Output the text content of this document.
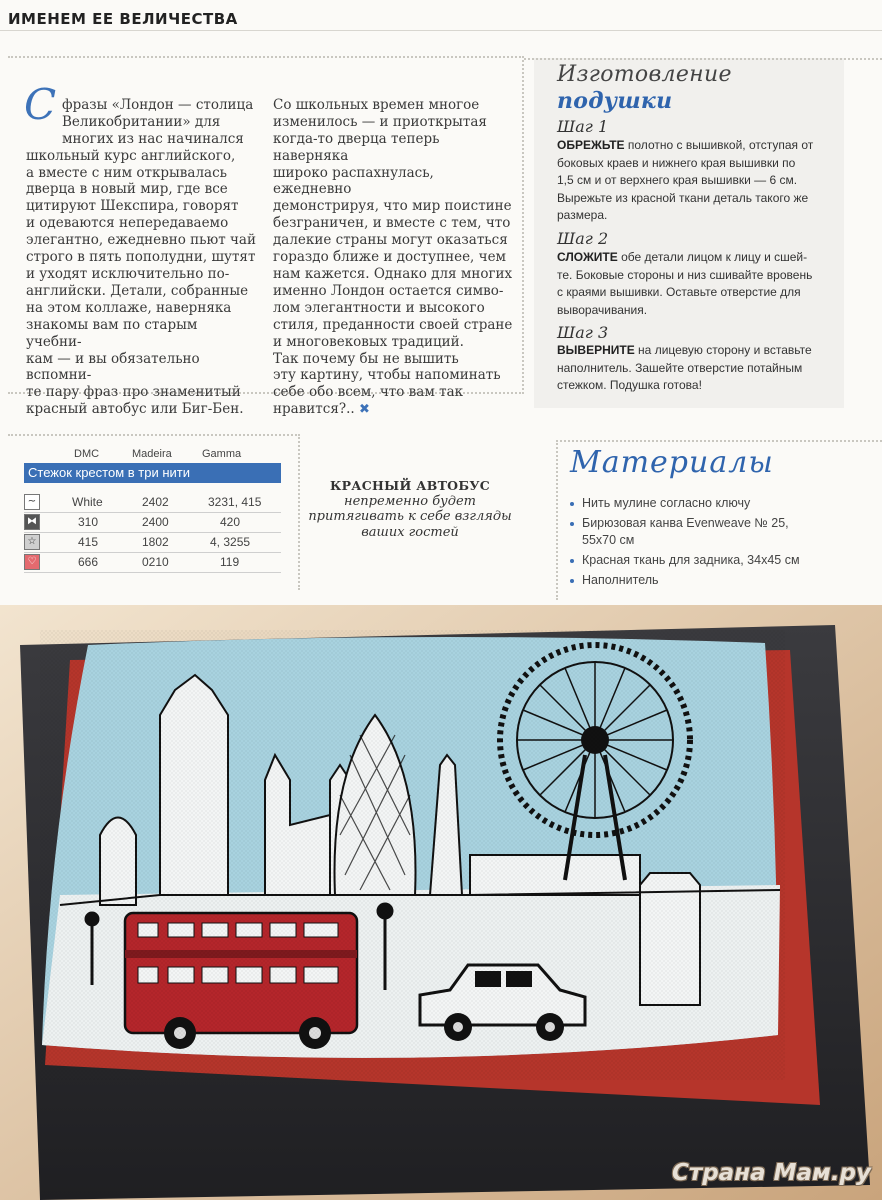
ИМЕНЕМ ЕЕ ВЕЛИЧЕСТВА
С фразы «Лондон — столица
Великобритании» для
многих из нас начинался
школьный курс английского,
а вместе с ним открывалась
дверца в новый мир, где все
цитируют Шекспира, говорят
и одеваются непередаваемо
элегантно, ежедневно пьют чай
строго в пять пополудни, шутят
и уходят исключительно по-
английски. Детали, собранные
на этом коллаже, наверняка
знакомы вам по старым учебни-
кам — и вы обязательно вспомни-
те пару фраз про знаменитый
красный автобус или Биг-Бен.

Со школьных времен многое
изменилось — и приоткрытая
когда-то дверца теперь наверняка
широко распахнулась, ежедневно
демонстрируя, что мир поистине
безграничен, и вместе с тем, что
далекие страны могут оказаться
гораздо ближе и доступнее, чем
нам кажется. Однако для многих
именно Лондон остается симво-
лом элегантности и высокого
стиля, преданности своей стране
и многовековых традиций.
Так почему бы не вышить
эту картину, чтобы напоминать
себе обо всем, что вам так
нравится?.. ✖

Изготовление
подушки
Шаг 1
ОБРЕЖЬТЕ полотно с вышивкой, отступая от боковых краев и нижнего края вышивки по 1,5 см и от верхнего края вышивки — 6 см. Вырежьте из красной ткани деталь такого же размера.
Шаг 2
СЛОЖИТЕ обе детали лицом к лицу и сшей-те. Боковые стороны и низ сшивайте вровень с краями вышивки. Оставьте отверстие для выворачивания.
Шаг 3
ВЫВЕРНИТЕ на лицевую сторону и вставьте наполнитель. Зашейте отверстие потайным стежком. Подушка готова!
DMC	Madeira	Gamma
Стежок крестом в три нити
~	White	2402	3231, 415
⧓	310	2400	420
☆	415	1802	4, 3255
♡	666	0210	119
КРАСНЫЙ АВТОБУС
непременно будет
притягивать к себе взгляды
ваших гостей
Материалы
Нить мулине согласно ключу
Бирюзовая канва Evenweave № 25, 55х70 см
Красная ткань для задника, 34х45 см
Наполнитель
Страна Мам.ру
